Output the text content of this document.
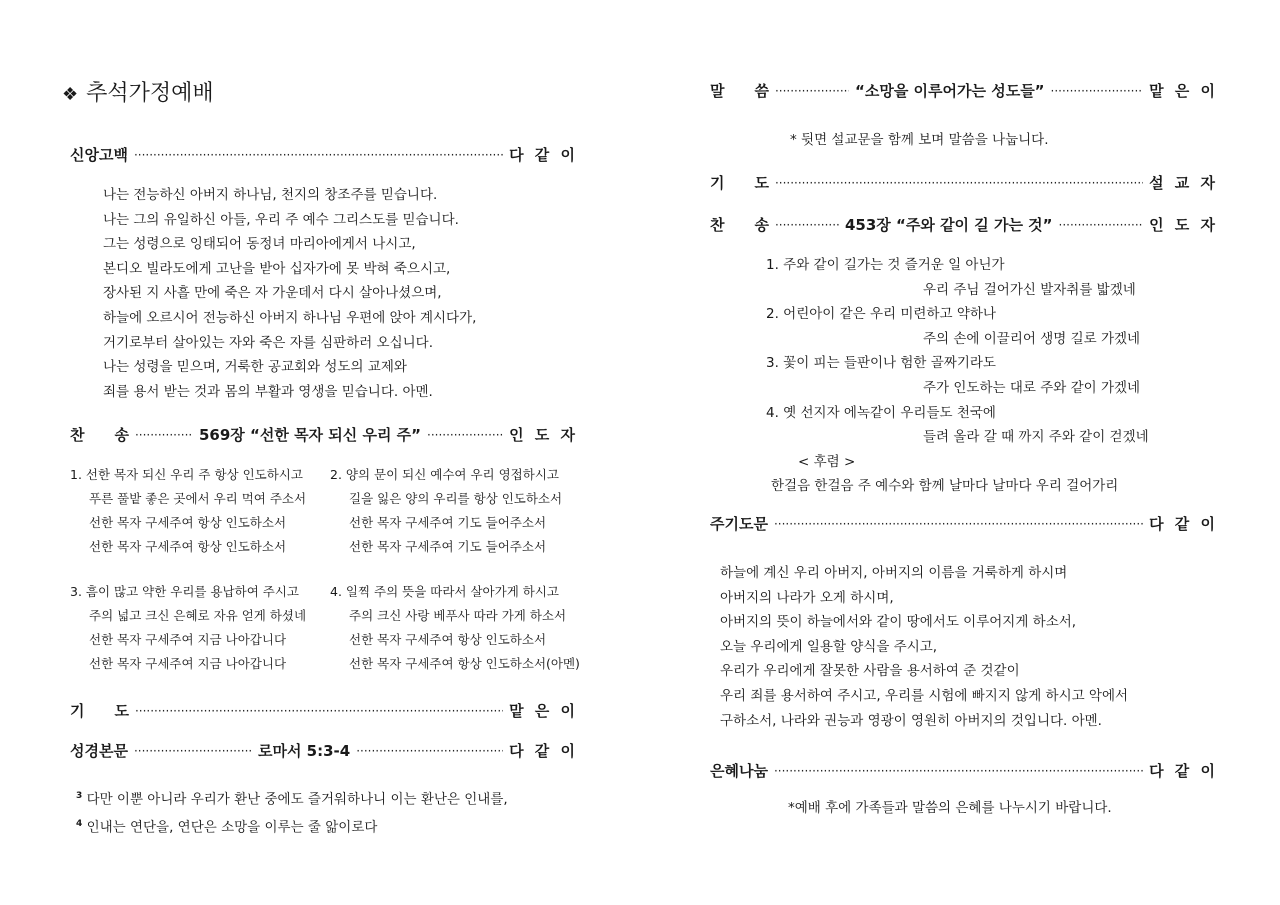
❖ 추석가정예배
신앙고백 ·····	다 같 이
나는 전능하신 아버지 하나님, 천지의 창조주를 믿습니다.
나는 그의 유일하신 아들, 우리 주 예수 그리스도를 믿습니다.
그는 성령으로 잉태되어 동정녀 마리아에게서 나시고,
본디오 빌라도에게 고난을 받아 십자가에 못 박혀 죽으시고,
장사된 지 사흘 만에 죽은 자 가운데서 다시 살아나셨으며,
하늘에 오르시어 전능하신 아버지 하나님 우편에 앉아 계시다가,
거기로부터 살아있는 자와 죽은 자를 심판하러 오십니다.
나는 성령을 믿으며, 거룩한 공교회와 성도의 교제와
죄를 용서 받는 것과 몸의 부활과 영생을 믿습니다. 아멘.
찬　　송 ·····	569장 “선한 목자 되신 우리 주” ·····	인 도 자
1. 선한 목자 되신 우리 주 항상 인도하시고
푸른 풀밭 좋은 곳에서 우리 먹여 주소서
선한 목자 구세주여 항상 인도하소서
선한 목자 구세주여 항상 인도하소서
2. 양의 문이 되신 예수여 우리 영접하시고
길을 잃은 양의 우리를 항상 인도하소서
선한 목자 구세주여 기도 들어주소서
선한 목자 구세주여 기도 들어주소서
3. 흠이 많고 약한 우리를 용납하여 주시고
주의 넓고 크신 은혜로 자유 얻게 하셨네
선한 목자 구세주여 지금 나아갑니다
선한 목자 구세주여 지금 나아갑니다
4. 일찍 주의 뜻을 따라서 살아가게 하시고
주의 크신 사랑 베푸사 따라 가게 하소서
선한 목자 구세주여 항상 인도하소서
선한 목자 구세주여 항상 인도하소서(아멘)
기　　도 ·····	맡 은 이
성경본문 ·····	로마서 5:3-4 ·····	다 같 이
$^3$ 다만 이뿐 아니라 우리가 환난 중에도 즐거워하나니 이는 환난은 인내를,
$^4$ 인내는 연단을, 연단은 소망을 이루는 줄 앎이로다
말　　씀 ·····	“소망을 이루어가는 성도들” ·····	맡 은 이
* 뒷면 설교문을 함께 보며 말씀을 나눕니다.
기　　도 ·····	설 교 자
찬　　송 ·····	453장 “주와 같이 길 가는 것” ·····	인 도 자
1. 주와 같이 길가는 것 즐거운 일 아닌가
우리 주님 걸어가신 발자취를 밟겠네
2. 어린아이 같은 우리 미련하고 약하나
주의 손에 이끌리어 생명 길로 가겠네
3. 꽃이 피는 들판이나 험한 골짜기라도
주가 인도하는 대로 주와 같이 가겠네
4. 옛 선지자 에녹같이 우리들도 천국에
들려 올라 갈 때 까지 주와 같이 걷겠네
< 후렴 >
한걸음 한걸음 주 예수와 함께 날마다 날마다 우리 걸어가리
주기도문 ·····	다 같 이
하늘에 계신 우리 아버지, 아버지의 이름을 거룩하게 하시며
아버지의 나라가 오게 하시며,
아버지의 뜻이 하늘에서와 같이 땅에서도 이루어지게 하소서,
오늘 우리에게 일용할 양식을 주시고,
우리가 우리에게 잘못한 사람을 용서하여 준 것같이
우리 죄를 용서하여 주시고, 우리를 시험에 빠지지 않게 하시고 악에서
구하소서, 나라와 권능과 영광이 영원히 아버지의 것입니다. 아멘.
은혜나눔 ·····	다 같 이
*예배 후에 가족들과 말씀의 은혜를 나누시기 바랍니다.
